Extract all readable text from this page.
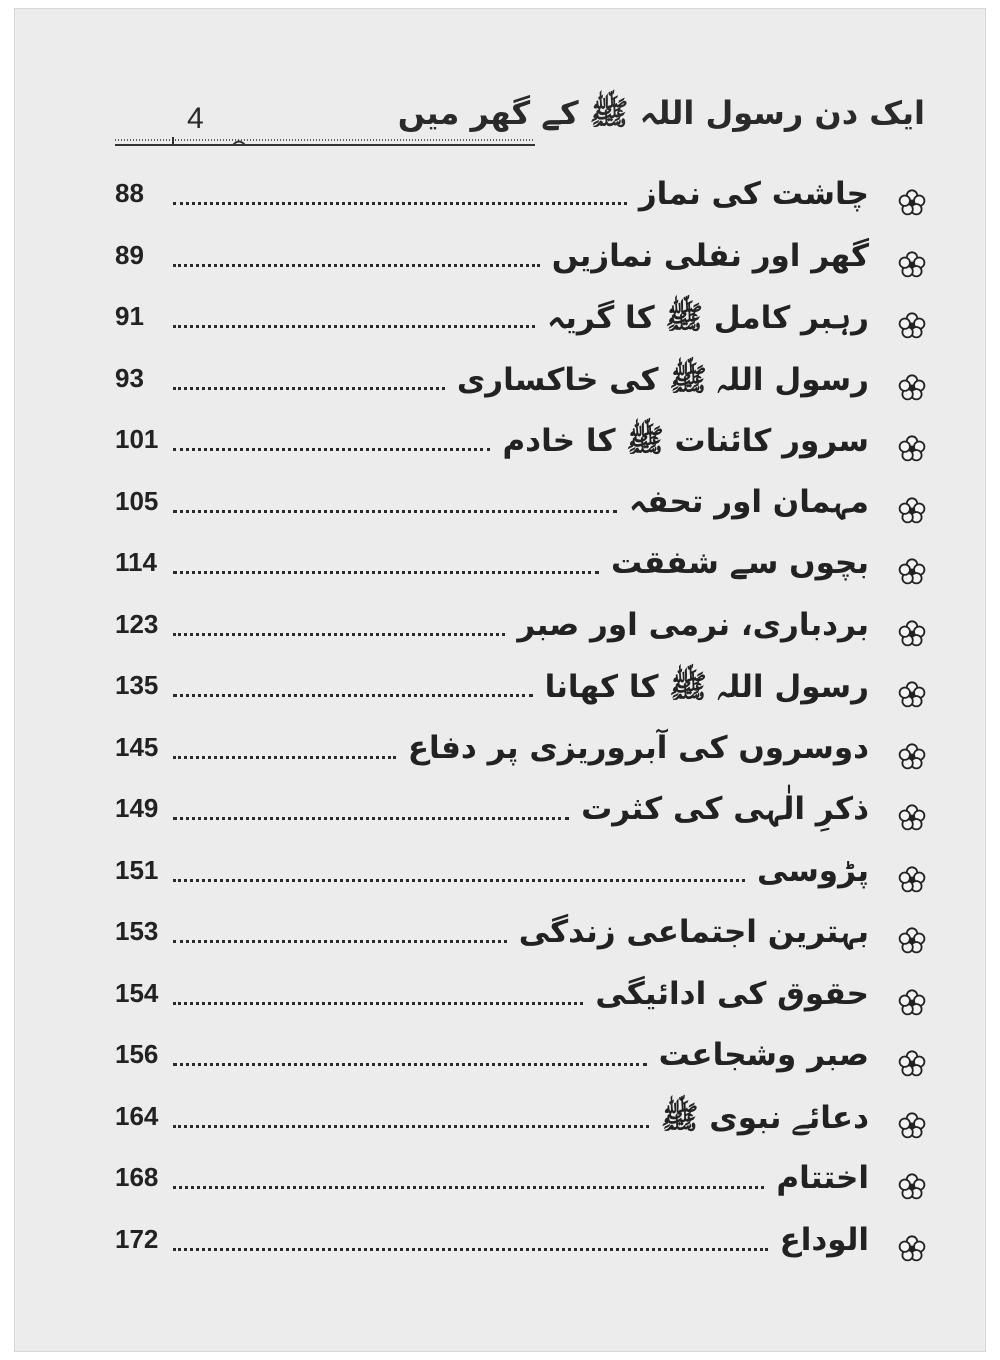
4	ایک دن رسول اللہ ﷺ کے گھر میں
88	چاشت کی نماز
89	گھر اور نفلی نمازیں
91	رہبر کامل ﷺ کا گریہ
93	رسول اللہ ﷺ کی خاکساری
101	سرور کائنات ﷺ کا خادم
105	مہمان اور تحفہ
114	بچوں سے شفقت
123	بردباری، نرمی اور صبر
135	رسول اللہ ﷺ کا کھانا
145	دوسروں کی آبروریزی پر دفاع
149	ذکرِ الٰہی کی کثرت
151	پڑوسی
153	بہترین اجتماعی زندگی
154	حقوق کی ادائیگی
156	صبر وشجاعت
164	دعائے نبوی ﷺ
168	اختتام
172	الوداع
